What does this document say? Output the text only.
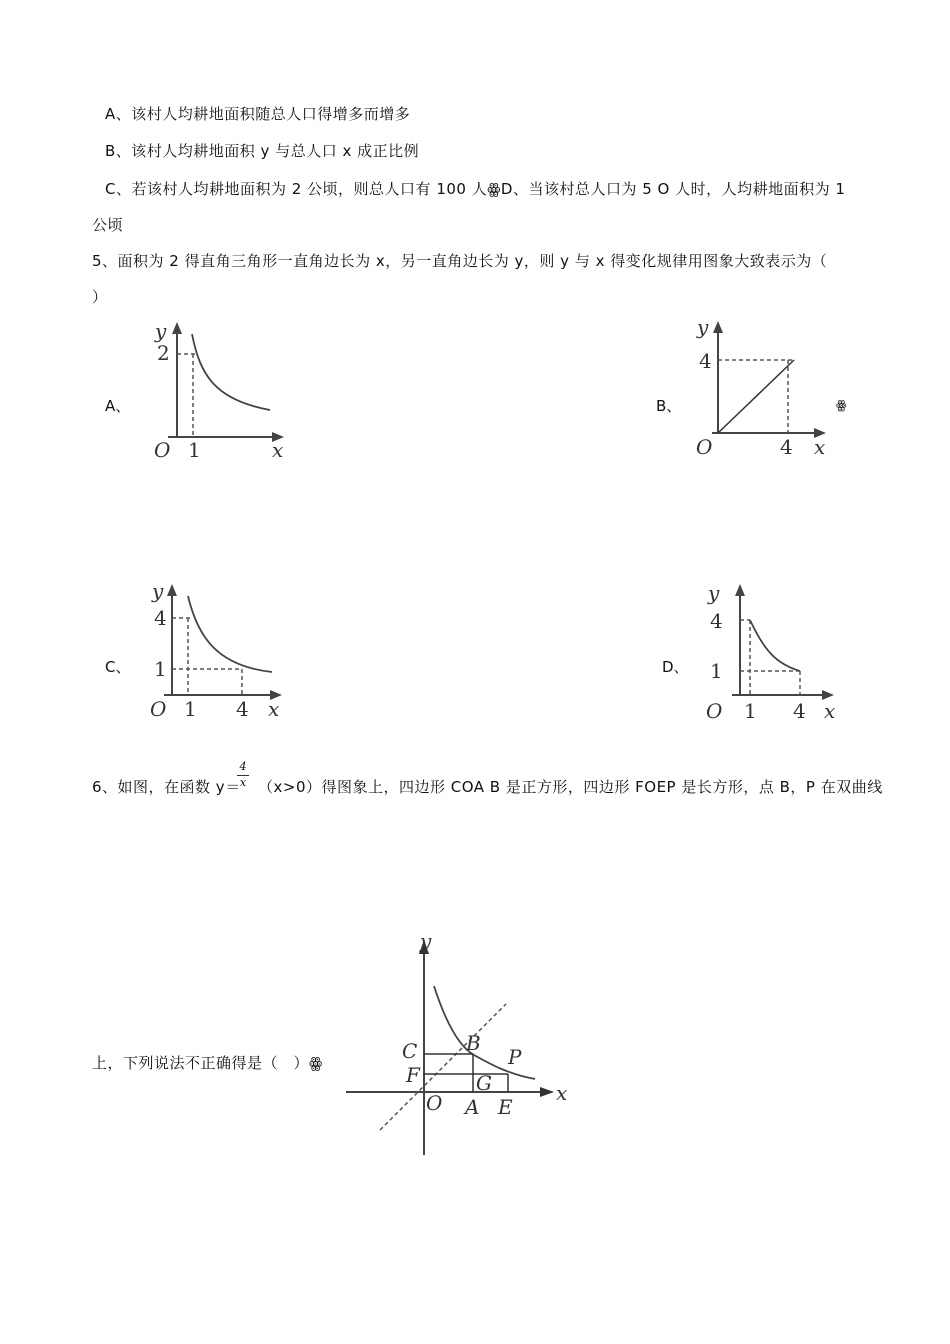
A、该村人均耕地面积随总人口得增多而增多
B、该村人均耕地面积 y 与总人口 x 成正比例
C、若该村人均耕地面积为 2 公顷，则总人口有 100 人ꙮD、当该村总人口为 5 O 人时，人均耕地面积为 1
公顷
5、面积为 2 得直角三角形一直角边长为 x，另一直角边长为 y，则 y 与 x 得变化规律用图象大致表示为（
）
A、	B、	ꙮ
C、	D、
y
2
O 1	x
y
4
O	4 x
y
4
1
O 1 4 x
y
4
1
O 1 4 x
6、如图，在函数 y＝
4
x （x>0）得图象上，四边形 COA B 是正方形，四边形 FOEP 是长方形，点 B，P 在双曲线
上，下列说法不正确得是（　）ꙮ
y
x
O
C
F
B
P
G
A E
